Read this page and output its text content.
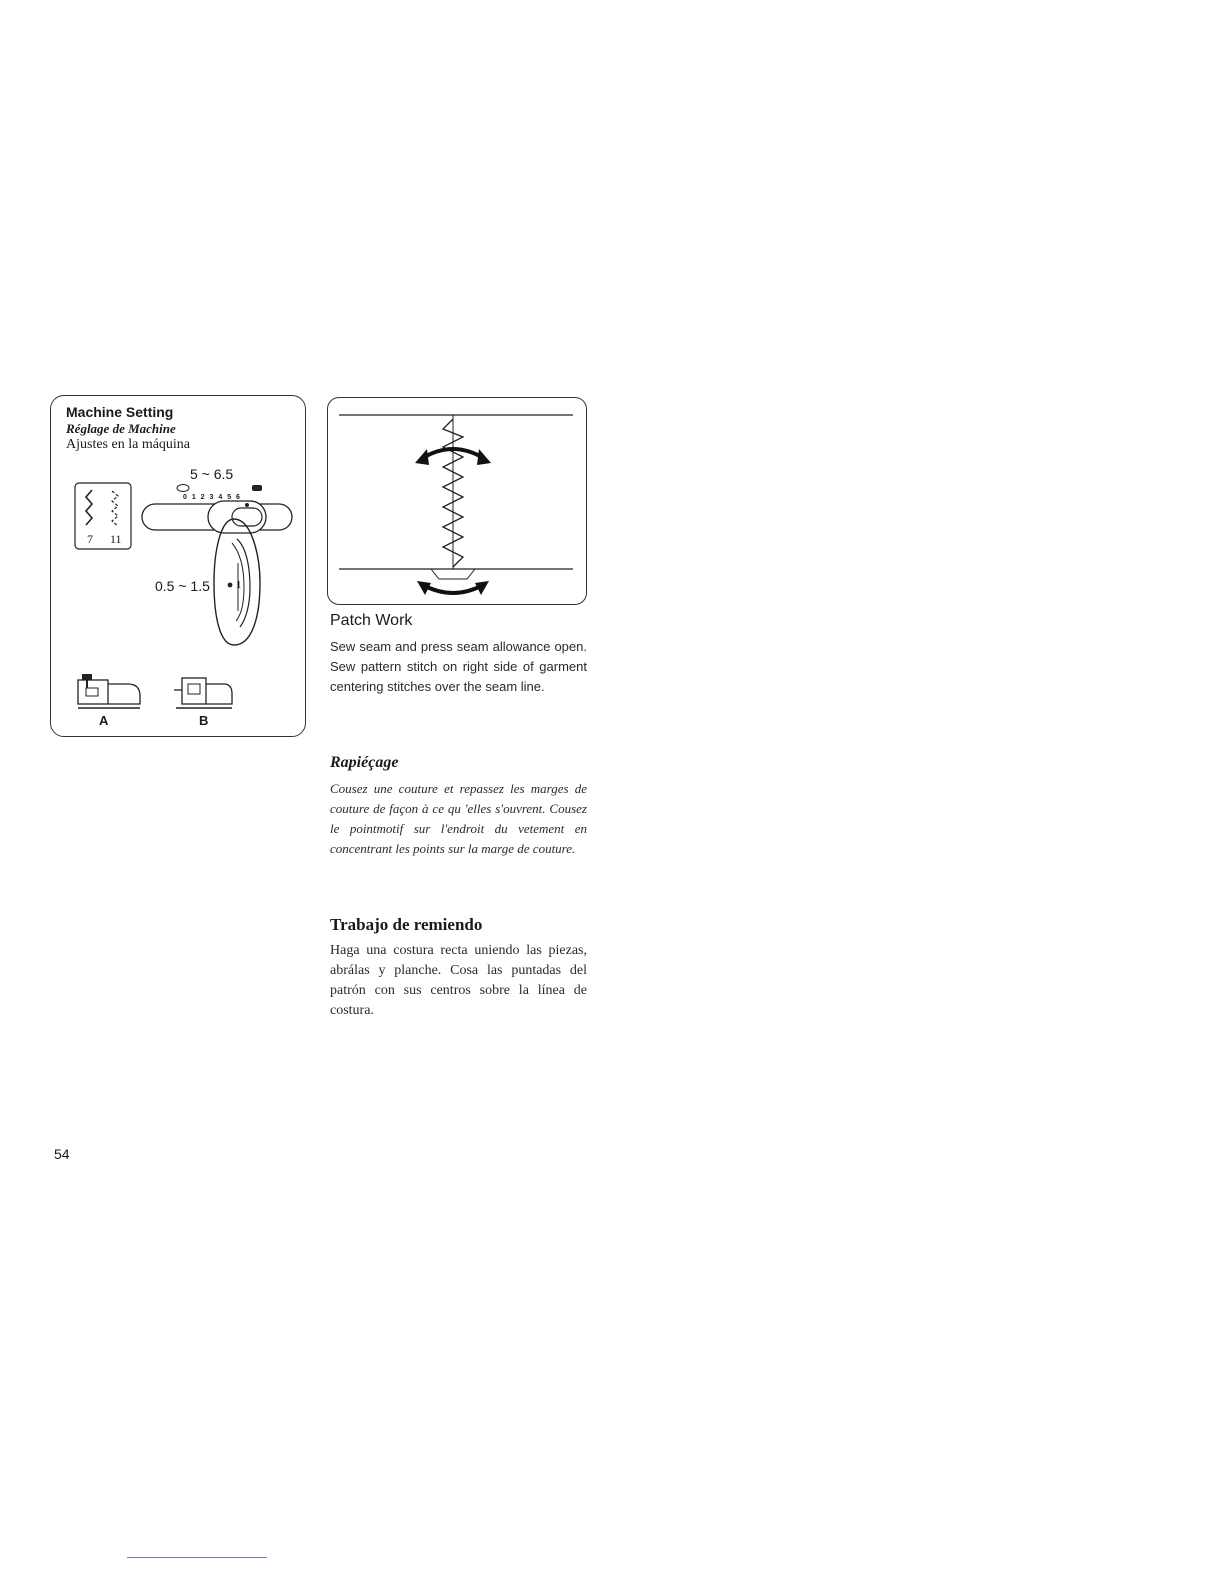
Machine Setting
Réglage de Machine
Ajustes en la máquina
7 11
5 ~ 6.5
0 1 2 3 4 5 6
0.5 ~ 1.5 1
A	B
Patch Work
Sew seam and press seam allowance open. Sew pattern stitch on right side of garment centering stitches over the seam line.
Rapiéçage
Cousez une couture et repassez les marges de couture de façon à ce qu 'elles s'ouvrent. Cousez le pointmotif sur l'endroit du vetement en concentrant les points sur la marge de couture.
Trabajo de remiendo
Haga una costura recta uniendo las piezas, abrálas y planche. Cosa las puntadas del patrón con sus centros sobre la línea de costura.
54
